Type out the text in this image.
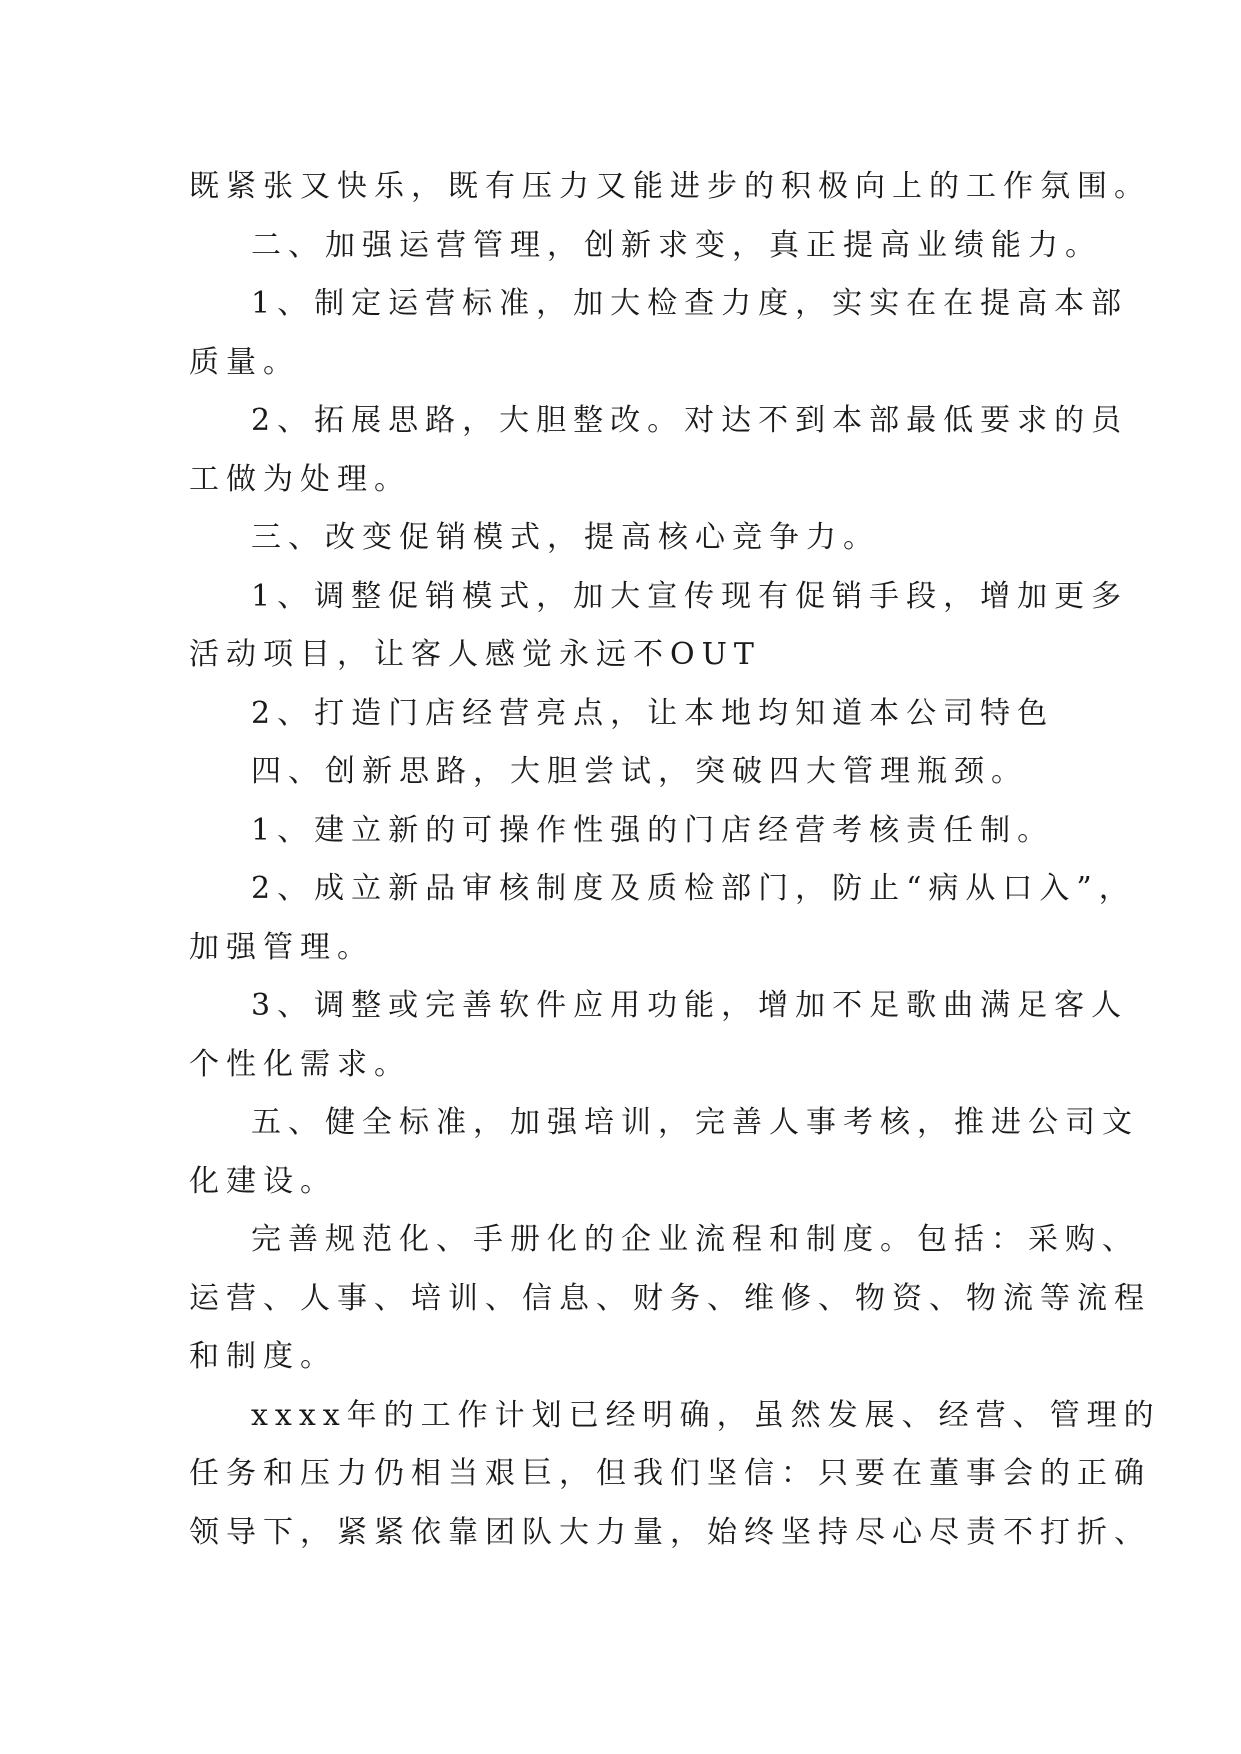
既紧张又快乐，既有压力又能进步的积极向上的工作氛围。
二、加强运营管理，创新求变，真正提高业绩能力。
1、制定运营标准，加大检查力度，实实在在提高本部
质量。
2、拓展思路，大胆整改。对达不到本部最低要求的员
工做为处理。
三、改变促销模式，提高核心竞争力。
1、调整促销模式，加大宣传现有促销手段，增加更多
活动项目，让客人感觉永远不OUT
2、打造门店经营亮点，让本地均知道本公司特色
四、创新思路，大胆尝试，突破四大管理瓶颈。
1、建立新的可操作性强的门店经营考核责任制。
2、成立新品审核制度及质检部门，防止“病从口入”，
加强管理。
3、调整或完善软件应用功能，增加不足歌曲满足客人
个性化需求。
五、健全标准，加强培训，完善人事考核，推进公司文
化建设。
完善规范化、手册化的企业流程和制度。包括：采购、
运营、人事、培训、信息、财务、维修、物资、物流等流程
和制度。
xxxx年的工作计划已经明确，虽然发展、经营、管理的
任务和压力仍相当艰巨，但我们坚信：只要在董事会的正确
领导下，紧紧依靠团队大力量，始终坚持尽心尽责不打折、
